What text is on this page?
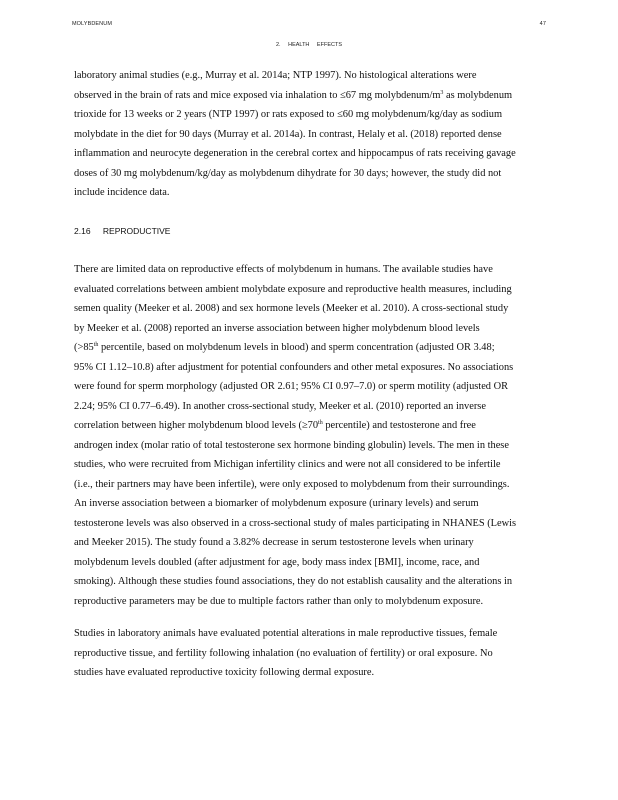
MOLYBDENUM	47
2. HEALTH EFFECTS
laboratory animal studies (e.g., Murray et al. 2014a; NTP 1997). No histological alterations were
observed in the brain of rats and mice exposed via inhalation to ≤67 mg molybdenum/$m^3$ as molybdenum
trioxide for 13 weeks or 2 years (NTP 1997) or rats exposed to ≤60 mg molybdenum/kg/day as sodium
molybdate in the diet for 90 days (Murray et al. 2014a). In contrast, Helaly et al. (2018) reported dense
inflammation and neurocyte degeneration in the cerebral cortex and hippocampus of rats receiving gavage
doses of 30 mg molybdenum/kg/day as molybdenum dihydrate for 30 days; however, the study did not
include incidence data.
2.16 REPRODUCTIVE
There are limited data on reproductive effects of molybdenum in humans. The available studies have
evaluated correlations between ambient molybdate exposure and reproductive health measures, including
semen quality (Meeker et al. 2008) and sex hormone levels (Meeker et al. 2010). A cross-sectional study
by Meeker et al. (2008) reported an inverse association between higher molybdenum blood levels
(>85th percentile, based on molybdenum levels in blood) and sperm concentration (adjusted OR 3.48;
95% CI 1.12–10.8) after adjustment for potential confounders and other metal exposures. No associations
were found for sperm morphology (adjusted OR 2.61; 95% CI 0.97–7.0) or sperm motility (adjusted OR
2.24; 95% CI 0.77–6.49). In another cross-sectional study, Meeker et al. (2010) reported an inverse
correlation between higher molybdenum blood levels (≥70th percentile) and testosterone and free
androgen index (molar ratio of total testosterone sex hormone binding globulin) levels. The men in these
studies, who were recruited from Michigan infertility clinics and were not all considered to be infertile
(i.e., their partners may have been infertile), were only exposed to molybdenum from their surroundings.
An inverse association between a biomarker of molybdenum exposure (urinary levels) and serum
testosterone levels was also observed in a cross-sectional study of males participating in NHANES (Lewis
and Meeker 2015). The study found a 3.82% decrease in serum testosterone levels when urinary
molybdenum levels doubled (after adjustment for age, body mass index [BMI], income, race, and
smoking). Although these studies found associations, they do not establish causality and the alterations in
reproductive parameters may be due to multiple factors rather than only to molybdenum exposure.
Studies in laboratory animals have evaluated potential alterations in male reproductive tissues, female
reproductive tissue, and fertility following inhalation (no evaluation of fertility) or oral exposure. No
studies have evaluated reproductive toxicity following dermal exposure.
